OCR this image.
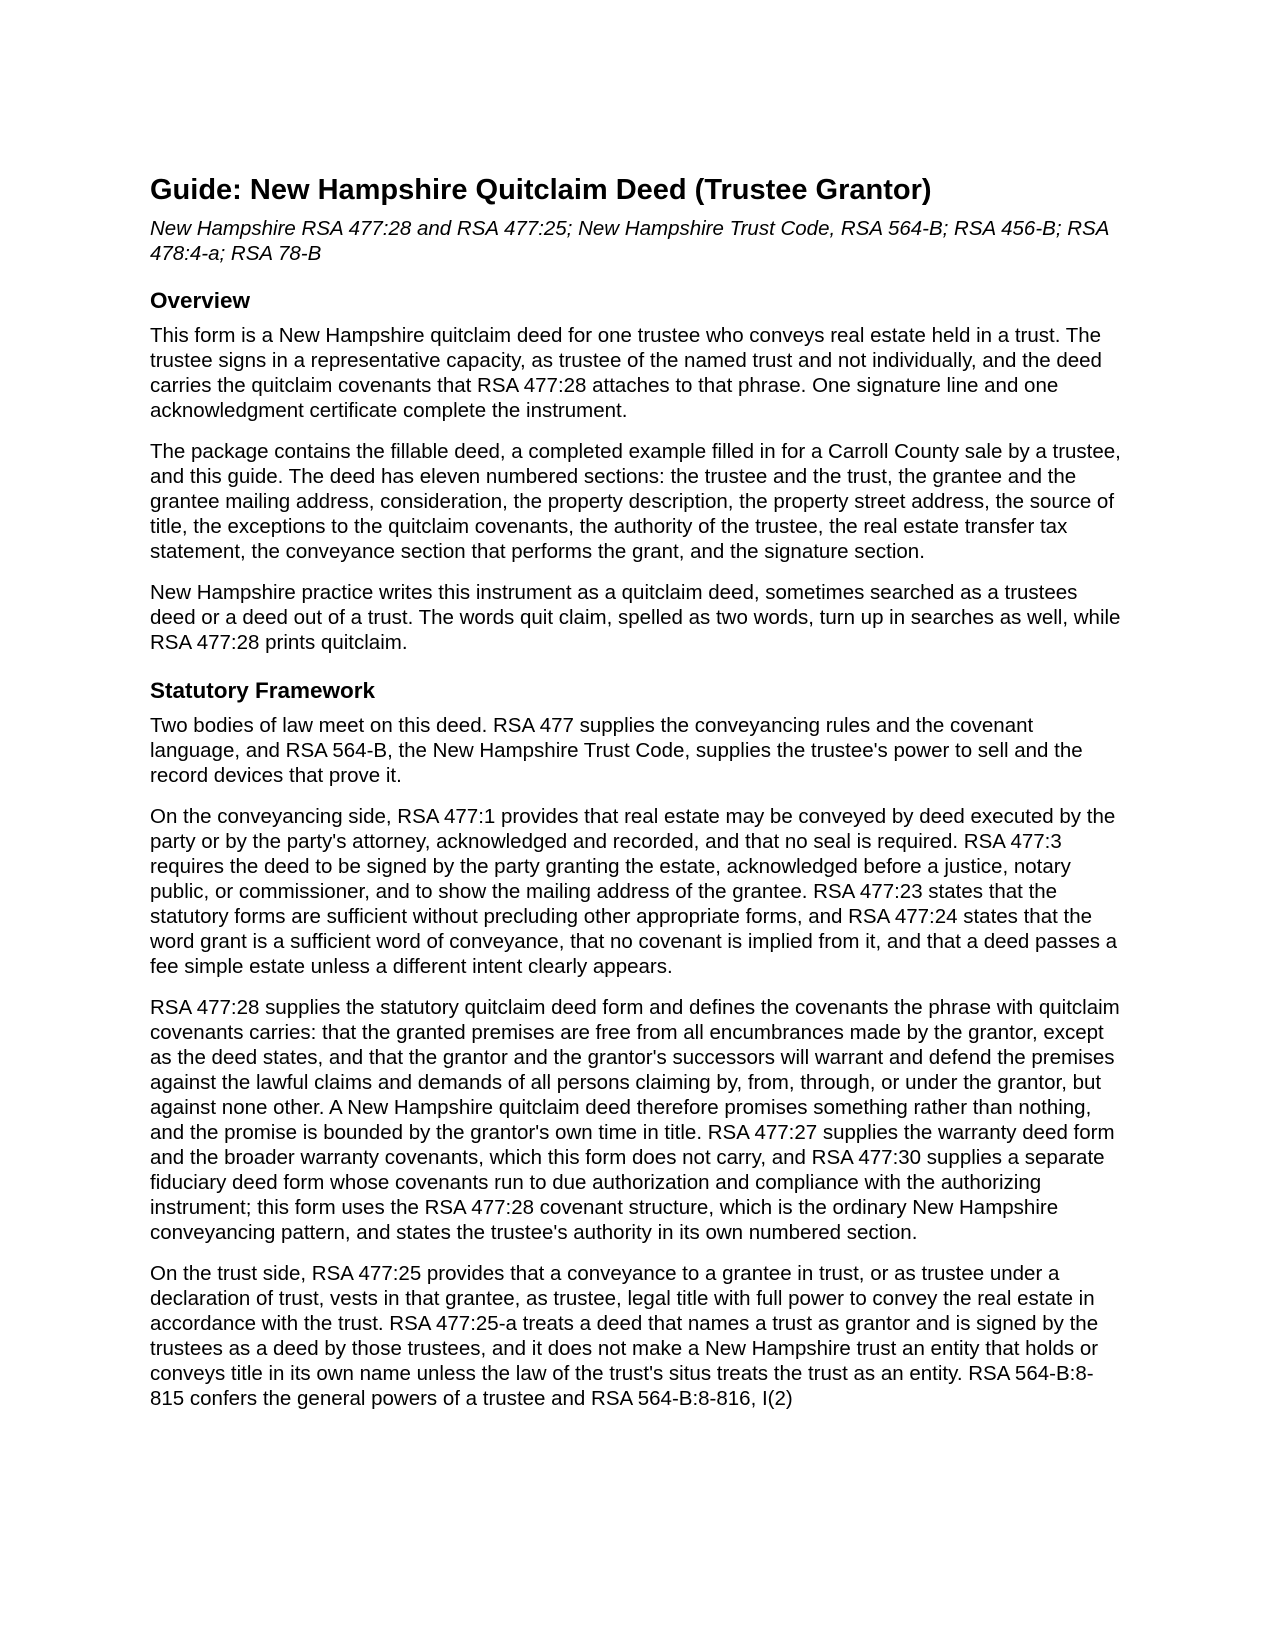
Guide: New Hampshire Quitclaim Deed (Trustee Grantor)
New Hampshire RSA 477:28 and RSA 477:25; New Hampshire Trust Code, RSA 564-B; RSA 456-B; RSA 478:4-a; RSA 78-B
Overview

This form is a New Hampshire quitclaim deed for one trustee who conveys real estate held in a trust. The trustee signs in a representative capacity, as trustee of the named trust and not individually, and the deed carries the quitclaim covenants that RSA 477:28 attaches to that phrase. One signature line and one acknowledgment certificate complete the instrument.

The package contains the fillable deed, a completed example filled in for a Carroll County sale by a trustee, and this guide. The deed has eleven numbered sections: the trustee and the trust, the grantee and the grantee mailing address, consideration, the property description, the property street address, the source of title, the exceptions to the quitclaim covenants, the authority of the trustee, the real estate transfer tax statement, the conveyance section that performs the grant, and the signature section.

New Hampshire practice writes this instrument as a quitclaim deed, sometimes searched as a trustees deed or a deed out of a trust. The words quit claim, spelled as two words, turn up in searches as well, while RSA 477:28 prints quitclaim.

Statutory Framework

Two bodies of law meet on this deed. RSA 477 supplies the conveyancing rules and the covenant language, and RSA 564-B, the New Hampshire Trust Code, supplies the trustee's power to sell and the record devices that prove it.

On the conveyancing side, RSA 477:1 provides that real estate may be conveyed by deed executed by the party or by the party's attorney, acknowledged and recorded, and that no seal is required. RSA 477:3 requires the deed to be signed by the party granting the estate, acknowledged before a justice, notary public, or commissioner, and to show the mailing address of the grantee. RSA 477:23 states that the statutory forms are sufficient without precluding other appropriate forms, and RSA 477:24 states that the word grant is a sufficient word of conveyance, that no covenant is implied from it, and that a deed passes a fee simple estate unless a different intent clearly appears.

RSA 477:28 supplies the statutory quitclaim deed form and defines the covenants the phrase with quitclaim covenants carries: that the granted premises are free from all encumbrances made by the grantor, except as the deed states, and that the grantor and the grantor's successors will warrant and defend the premises against the lawful claims and demands of all persons claiming by, from, through, or under the grantor, but against none other. A New Hampshire quitclaim deed therefore promises something rather than nothing, and the promise is bounded by the grantor's own time in title. RSA 477:27 supplies the warranty deed form and the broader warranty covenants, which this form does not carry, and RSA 477:30 supplies a separate fiduciary deed form whose covenants run to due authorization and compliance with the authorizing instrument; this form uses the RSA 477:28 covenant structure, which is the ordinary New Hampshire conveyancing pattern, and states the trustee's authority in its own numbered section.

On the trust side, RSA 477:25 provides that a conveyance to a grantee in trust, or as trustee under a declaration of trust, vests in that grantee, as trustee, legal title with full power to convey the real estate in accordance with the trust. RSA 477:25-a treats a deed that names a trust as grantor and is signed by the trustees as a deed by those trustees, and it does not make a New Hampshire trust an entity that holds or conveys title in its own name unless the law of the trust's situs treats the trust as an entity. RSA 564-B:8-815 confers the general powers of a trustee and RSA 564-B:8-816, I(2)
